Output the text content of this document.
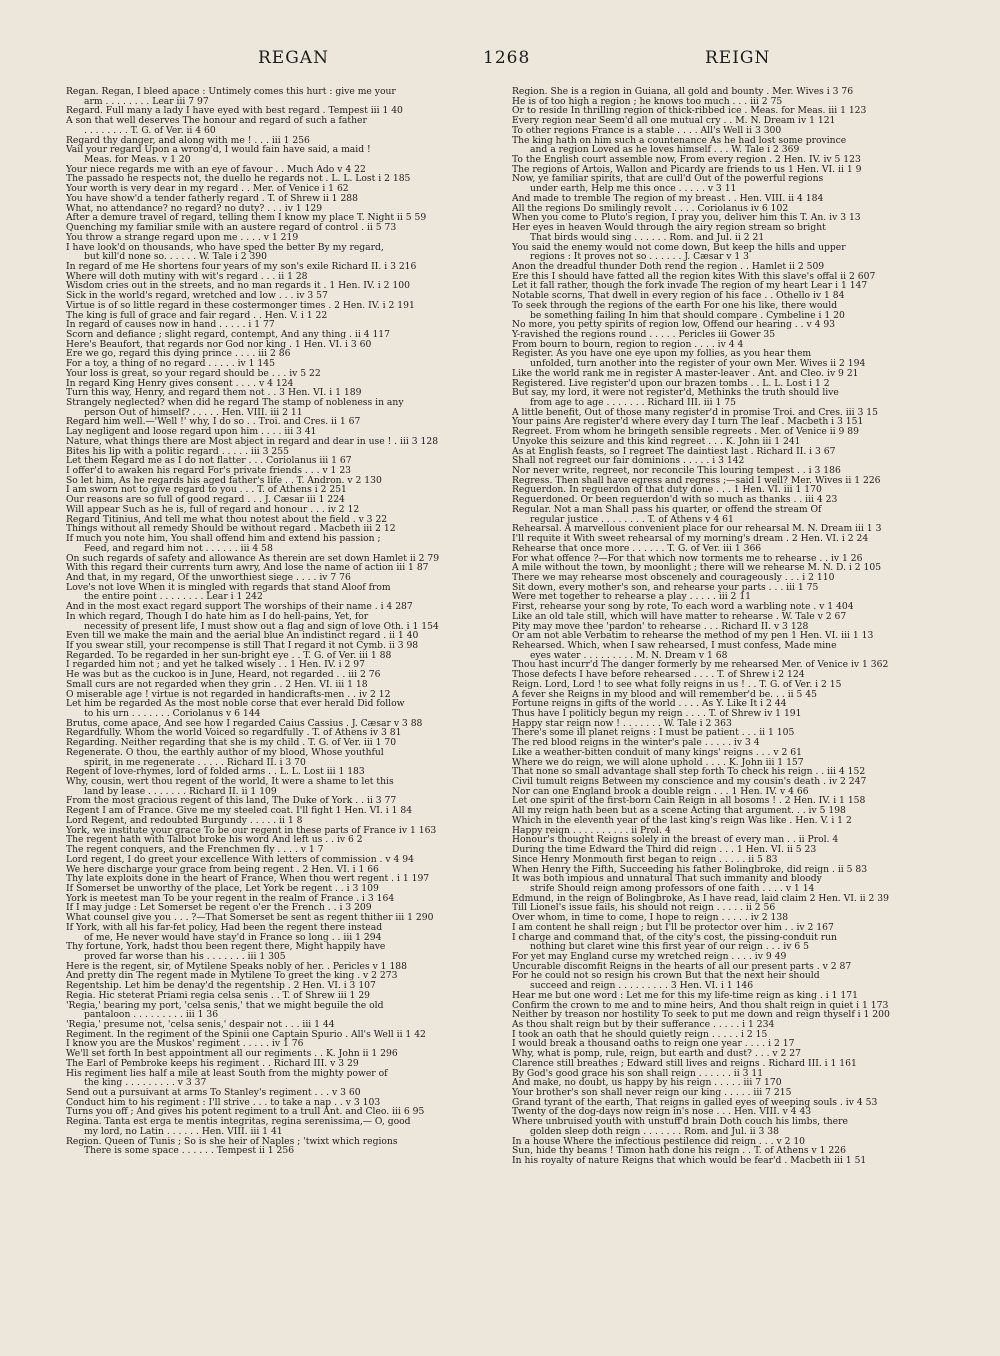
REGAN	1268	REIGN
Regan. Regan, I bleed apace : Untimely comes this hurt : give me your
arm . . . . . . . . Lear iii 7 97
Regard. Full many a lady I have eyed with best regard . Tempest iii 1 40
A son that well deserves The honour and regard of such a father
. . . . . . . . T. G. of Ver. ii 4 60
Regard thy danger, and along with me ! . . . iii 1 256
Vail your regard Upon a wrong'd, I would fain have said, a maid !
Meas. for Meas. v 1 20
Your niece regards me with an eye of favour . . Much Ado v 4 22
The passado he respects not, the duello he regards not . L. L. Lost i 2 185
Your worth is very dear in my regard . . Mer. of Venice i 1 62
You have show'd a tender fatherly regard . T. of Shrew ii 1 288
What, no attendance? no regard? no duty? . . . iv 1 129
After a demure travel of regard, telling them I know my place T. Night ii 5 59
Quenching my familiar smile with an austere regard of control . ii 5 73
You throw a strange regard upon me . . . . v 1 219
I have look'd on thousands, who have sped the better By my regard,
but kill'd none so. . . . . . W. Tale i 2 390
In regard of me He shortens four years of my son's exile Richard II. i 3 216
Where will doth mutiny with wit's regard . . . ii 1 28
Wisdom cries out in the streets, and no man regards it . 1 Hen. IV. i 2 100
Sick in the world's regard, wretched and low . . . iv 3 57
Virtue is of so little regard in these costermonger times . 2 Hen. IV. i 2 191
The king is full of grace and fair regard . . Hen. V. i 1 22
In regard of causes now in hand . . . . . i 1 77
Scorn and defiance ; slight regard, contempt, And any thing . ii 4 117
Here's Beaufort, that regards nor God nor king . 1 Hen. VI. i 3 60
Ere we go, regard this dying prince . . . . iii 2 86
For a toy, a thing of no regard . . . . . iv 1 145
Your loss is great, so your regard should be . . . iv 5 22
In regard King Henry gives consent . . . . v 4 124
Turn this way, Henry, and regard them not . . 3 Hen. VI. i 1 189
Strangely neglected? when did he regard The stamp of nobleness in any
person Out of himself? . . . . . Hen. VIII. iii 2 11
Regard him well.—'Well !' why, I do so . . Troi. and Cres. ii 1 67
Lay negligent and loose regard upon him . . . . iii 3 41
Nature, what things there are Most abject in regard and dear in use ! . iii 3 128
Bites his lip with a politic regard . . . . . iii 3 255
Let them Regard me as I do not flatter . . . Coriolanus iii 1 67
I offer'd to awaken his regard For's private friends . . . v 1 23
So let him, As he regards his aged father's life . . T. Andron. v 2 130
I am sworn not to give regard to you . . . T. of Athens i 2 251
Our reasons are so full of good regard . . . J. Cæsar iii 1 224
Will appear Such as he is, full of regard and honour . . . iv 2 12
Regard Titinius, And tell me what thou notest about the field . v 3 22
Things without all remedy Should be without regard . Macbeth iii 2 12
If much you note him, You shall offend him and extend his passion ;
Feed, and regard him not . . . . . . iii 4 58
On such regards of safety and allowance As therein are set down Hamlet ii 2 79
With this regard their currents turn awry, And lose the name of action iii 1 87
And that, in my regard, Of the unworthiest siege . . . . iv 7 76
Love's not love When it is mingled with regards that stand Aloof from
the entire point . . . . . . . . Lear i 1 242
And in the most exact regard support The worships of their name . i 4 287
In which regard, Though I do hate him as I do hell-pains, Yet, for
necessity of present life, I must show out a flag and sign of love Oth. i 1 154
Even till we make the main and the aerial blue An indistinct regard . ii 1 40
If you swear still, your recompense is still That I regard it not Cymb. ii 3 98
Regarded. To be regarded in her sun-bright eye . . T. G. of Ver. iii 1 88
I regarded him not ; and yet he talked wisely . . 1 Hen. IV. i 2 97
He was but as the cuckoo is in June, Heard, not regarded . . iii 2 76
Small curs are not regarded when they grin . . 2 Hen. VI. iii 1 18
O miserable age ! virtue is not regarded in handicrafts-men . . iv 2 12
Let him be regarded As the most noble corse that ever herald Did follow
to his urn . . . . . . . Coriolanus v 6 144
Brutus, come apace, And see how I regarded Caius Cassius . J. Cæsar v 3 88
Regardfully. Whom the world Voiced so regardfully . T. of Athens iv 3 81
Regarding. Neither regarding that she is my child . T. G. of Ver. iii 1 70
Regenerate. O thou, the earthly author of my blood, Whose youthful
spirit, in me regenerate . . . . . Richard II. i 3 70
Regent of love-rhymes, lord of folded arms . . L. L. Lost iii 1 183
Why, cousin, wert thou regent of the world, It were a shame to let this
land by lease . . . . . . . Richard II. ii 1 109
From the most gracious regent of this land, The Duke of York . . ii 3 77
Regent I am of France. Give me my steeled coat. I'll fight 1 Hen. VI. i 1 84
Lord Regent, and redoubted Burgundy . . . . . ii 1 8
York, we institute your grace To be our regent in these parts of France iv 1 163
The regent hath with Talbot broke his word And left us . . iv 6 2
The regent conquers, and the Frenchmen fly . . . . v 1 7
Lord regent, I do greet your excellence With letters of commission . v 4 94
We here discharge your grace from being regent . 2 Hen. VI. i 1 66
Thy late exploits done in the heart of France, When thou wert regent . i 1 197
If Somerset be unworthy of the place, Let York be regent . . i 3 109
York is meetest man To be your regent in the realm of France . i 3 164
If I may judge : Let Somerset be regent o'er the French . . i 3 209
What counsel give you . . . ?—That Somerset be sent as regent thither iii 1 290
If York, with all his far-fet policy, Had been the regent there instead
of me, He never would have stay'd in France so long . . iii 1 294
Thy fortune, York, hadst thou been regent there, Might happily have
proved far worse than his . . . . . . . iii 1 305
Here is the regent, sir, of Mytilene Speaks nobly of her. . Pericles v 1 188
And pretty din The regent made in Mytilene To greet the king . v 2 273
Regentship. Let him be denay'd the regentship . 2 Hen. VI. i 3 107
Regia. Hic steterat Priami regia celsa senis . . T. of Shrew iii 1 29
'Regia,' bearing my port, 'celsa senis,' that we might beguile the old
pantaloon . . . . . . . . . iii 1 36
'Regia,' presume not, 'celsa senis,' despair not . . . iii 1 44
Regiment. In the regiment of the Spinii one Captain Spurio . All's Well ii 1 42
I know you are the Muskos' regiment . . . . . iv 1 76
We'll set forth In best appointment all our regiments . . K. John ii 1 296
The Earl of Pembroke keeps his regiment . . Richard III. v 3 29
His regiment lies half a mile at least South from the mighty power of
the king . . . . . . . . . v 3 37
Send out a pursuivant at arms To Stanley's regiment . . . v 3 60
Conduct him to his regiment : I'll strive . . . to take a nap . . v 3 103
Turns you off ; And gives his potent regiment to a trull Ant. and Cleo. iii 6 95
Regina. Tanta est erga te mentis integritas, regina serenissima,— O, good
my lord, no Latin . . . . . . Hen. VIII. iii 1 41
Region. Queen of Tunis ; So is she heir of Naples ; 'twixt which regions
There is some space . . . . . . Tempest ii 1 256
Region. She is a region in Guiana, all gold and bounty . Mer. Wives i 3 76
He is of too high a region ; he knows too much . . . iii 2 75
Or to reside In thrilling region of thick-ribbed ice . Meas. for Meas. iii 1 123
Every region near Seem'd all one mutual cry . . M. N. Dream iv 1 121
To other regions France is a stable . . . . All's Well ii 3 300
The king hath on him such a countenance As he had lost some province
and a region Loved as he loves himself . . . W. Tale i 2 369
To the English court assemble now, From every region . 2 Hen. IV. iv 5 123
The regions of Artois, Wallon and Picardy are friends to us 1 Hen. VI. ii 1 9
Now, ye familiar spirits, that are cull'd Out of the powerful regions
under earth, Help me this once . . . . . v 3 11
And made to tremble The region of my breast . . Hen. VIII. ii 4 184
All the regions Do smilingly revolt . . . . Coriolanus iv 6 102
When you come to Pluto's region, I pray you, deliver him this T. An. iv 3 13
Her eyes in heaven Would through the airy region stream so bright
That birds would sing . . . . . . Rom. and Jul. ii 2 21
You said the enemy would not come down, But keep the hills and upper
regions : It proves not so . . . . . . J. Cæsar v 1 3
Anon the dreadful thunder Doth rend the region . . Hamlet ii 2 509
Ere this I should have fatted all the region kites With this slave's offal ii 2 607
Let it fall rather, though the fork invade The region of my heart Lear i 1 147
Notable scorns, That dwell in every region of his face . . Othello iv 1 84
To seek through the regions of the earth For one his like, there would
be something failing In him that should compare . Cymbeline i 1 20
No more, you petty spirits of region low, Offend our hearing . . v 4 93
Y-ravished the regions round . . . . . Pericles iii Gower 35
From bourn to bourn, region to region . . . . iv 4 4
Register. As you have one eye upon my follies, as you hear them
unfolded, turn another into the register of your own Mer. Wives ii 2 194
Like the world rank me in register A master-leaver . Ant. and Cleo. iv 9 21
Registered. Live register'd upon our brazen tombs . . L. L. Lost i 1 2
But say, my lord, it were not register'd, Methinks the truth should live
from age to age . . . . . . . Richard III. iii 1 75
A little benefit, Out of those many register'd in promise Troi. and Cres. iii 3 15
Your pains Are register'd where every day I turn The leaf . Macbeth i 3 151
Regreet. From whom he bringeth sensible regreets . Mer. of Venice ii 9 89
Unyoke this seizure and this kind regreet . . . K. John iii 1 241
As at English feasts, so I regreet The daintiest last . Richard II. i 3 67
Shall not regreet our fair dominions . . . . . i 3 142
Nor never write, regreet, nor reconcile This louring tempest . . i 3 186
Regress. Then shall have egress and regress ;—said I well? Mer. Wives ii 1 226
Reguerdon. In reguerdon of that duty done . . . 1 Hen. VI. iii 1 170
Reguerdoned. Or been reguerdon'd with so much as thanks . . iii 4 23
Regular. Not a man Shall pass his quarter, or offend the stream Of
regular justice . . . . . . . . T. of Athens v 4 61
Rehearsal. A marvellous convenient place for our rehearsal M. N. Dream iii 1 3
I'll requite it With sweet rehearsal of my morning's dream . 2 Hen. VI. i 2 24
Rehearse that once more . . . . . . T. G. of Ver. iii 1 366
For what offence ?—For that which now torments me to rehearse . . iv 1 26
A mile without the town, by moonlight ; there will we rehearse M. N. D. i 2 105
There we may rehearse most obscenely and courageously . . . i 2 110
Sit down, every mother's son, and rehearse your parts . . . iii 1 75
Were met together to rehearse a play . . . . . iii 2 11
First, rehearse your song by rote, To each word a warbling note . v 1 404
Like an old tale still, which will have matter to rehearse . W. Tale v 2 67
Pity may move thee 'pardon' to rehearse . . . Richard II. v 3 128
Or am not able Verbatim to rehearse the method of my pen 1 Hen. VI. iii 1 13
Rehearsed. Which, when I saw rehearsed, I must confess, Made mine
eyes water . . . . . . . . . M. N. Dream v 1 68
Thou hast incurr'd The danger formerly by me rehearsed Mer. of Venice iv 1 362
Those defects I have before rehearsed . . . . T. of Shrew i 2 124
Reign. Lord, Lord ! to see what folly reigns in us ! . . T. G. of Ver. i 2 15
A fever she Reigns in my blood and will remember'd be. . . ii 5 45
Fortune reigns in gifts of the world . . . . As Y. Like It i 2 44
Thus have I politicly begun my reign . . . . T. of Shrew iv 1 191
Happy star reign now ! . . . . . . . W. Tale i 2 363
There's some ill planet reigns : I must be patient . . . ii 1 105
The red blood reigns in the winter's pale . . . . . iv 3 4
Like a weather-bitten conduit of many kings' reigns . . . v 2 61
Where we do reign, we will alone uphold . . . . K. John iii 1 157
That none so small advantage shall step forth To check his reign . . iii 4 152
Civil tumult reigns Between my conscience and my cousin's death . iv 2 247
Nor can one England brook a double reign . . . 1 Hen. IV. v 4 66
Let one spirit of the first-born Cain Reign in all bosoms ! . 2 Hen. IV. i 1 158
All my reign hath been but as a scene Acting that argument. . . iv 5 198
Which in the eleventh year of the last king's reign Was like . Hen. V. i 1 2
Happy reign . . . . . . . . . . ii Prol. 4
Honour's thought Reigns solely in the breast of every man . . ii Prol. 4
During the time Edward the Third did reign . . . 1 Hen. VI. ii 5 23
Since Henry Monmouth first began to reign . . . . . ii 5 83
When Henry the Fifth, Succeeding his father Bolingbroke, did reign . ii 5 83
It was both impious and unnatural That such immanity and bloody
strife Should reign among professors of one faith . . . . v 1 14
Edmund, in the reign of Bolingbroke, As I have read, laid claim 2 Hen. VI. ii 2 39
Till Lionel's issue fails, his should not reign . . . . . ii 2 56
Over whom, in time to come, I hope to reign . . . . . iv 2 138
I am content he shall reign ; but I'll be protector over him . . iv 2 167
I charge and command that, of the city's cost, the pissing-conduit run
nothing but claret wine this first year of our reign . . . iv 6 5
For yet may England curse my wretched reign . . . . iv 9 49
Uncurable discomfit Reigns in the hearts of all our present parts . v 2 87
For he could not so resign his crown But that the next heir should
succeed and reign . . . . . . . . . 3 Hen. VI. i 1 146
Hear me but one word : Let me for this my life-time reign as king . i 1 171
Confirm the crown to me and to mine heirs, And thou shalt reign in quiet i 1 173
Neither by treason nor hostility To seek to put me down and reign thyself i 1 200
As thou shalt reign but by their sufferance . . . . . i 1 234
I took an oath that he should quietly reign . . . . . i 2 15
I would break a thousand oaths to reign one year . . . . i 2 17
Why, what is pomp, rule, reign, but earth and dust? . . . v 2 27
Clarence still breathes ; Edward still lives and reigns . Richard III. i 1 161
By God's good grace his son shall reign . . . . . . ii 3 11
And make, no doubt, us happy by his reign . . . . . iii 7 170
Your brother's son shall never reign our king . . . . . iii 7 215
Grand tyrant of the earth, That reigns in galled eyes of weeping souls . iv 4 53
Twenty of the dog-days now reign in's nose . . . Hen. VIII. v 4 43
Where unbruised youth with unstuff'd brain Doth couch his limbs, there
golden sleep doth reign . . . . . . . Rom. and Jul. ii 3 38
In a house Where the infectious pestilence did reign . . . v 2 10
Sun, hide thy beams ! Timon hath done his reign . . T. of Athens v 1 226
In his royalty of nature Reigns that which would be fear'd . Macbeth iii 1 51
